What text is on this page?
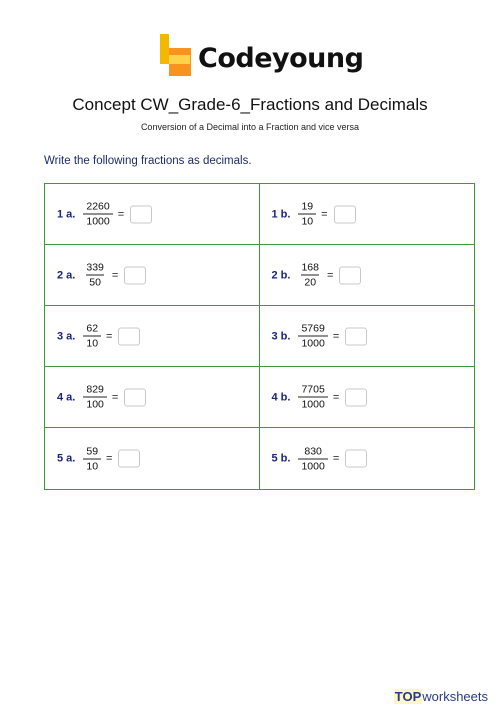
Codeyoung
Concept CW_Grade-6_Fractions and Decimals
Conversion of a Decimal into a Fraction and vice versa
Write the following fractions as decimals.
1 a. $\frac{2260}{1000}$ =	1 b. $\frac{19}{10}$ =
2 a. $\frac{339}{50}$ =	2 b. $\frac{168}{20}$ =
3 a. $\frac{62}{10}$ =	3 b. $\frac{5769}{1000}$ =
4 a. $\frac{829}{100}$ =	4 b. $\frac{7705}{1000}$ =
5 a. $\frac{59}{10}$ =	5 b. $\frac{830}{1000}$ =
TOPworksheets
